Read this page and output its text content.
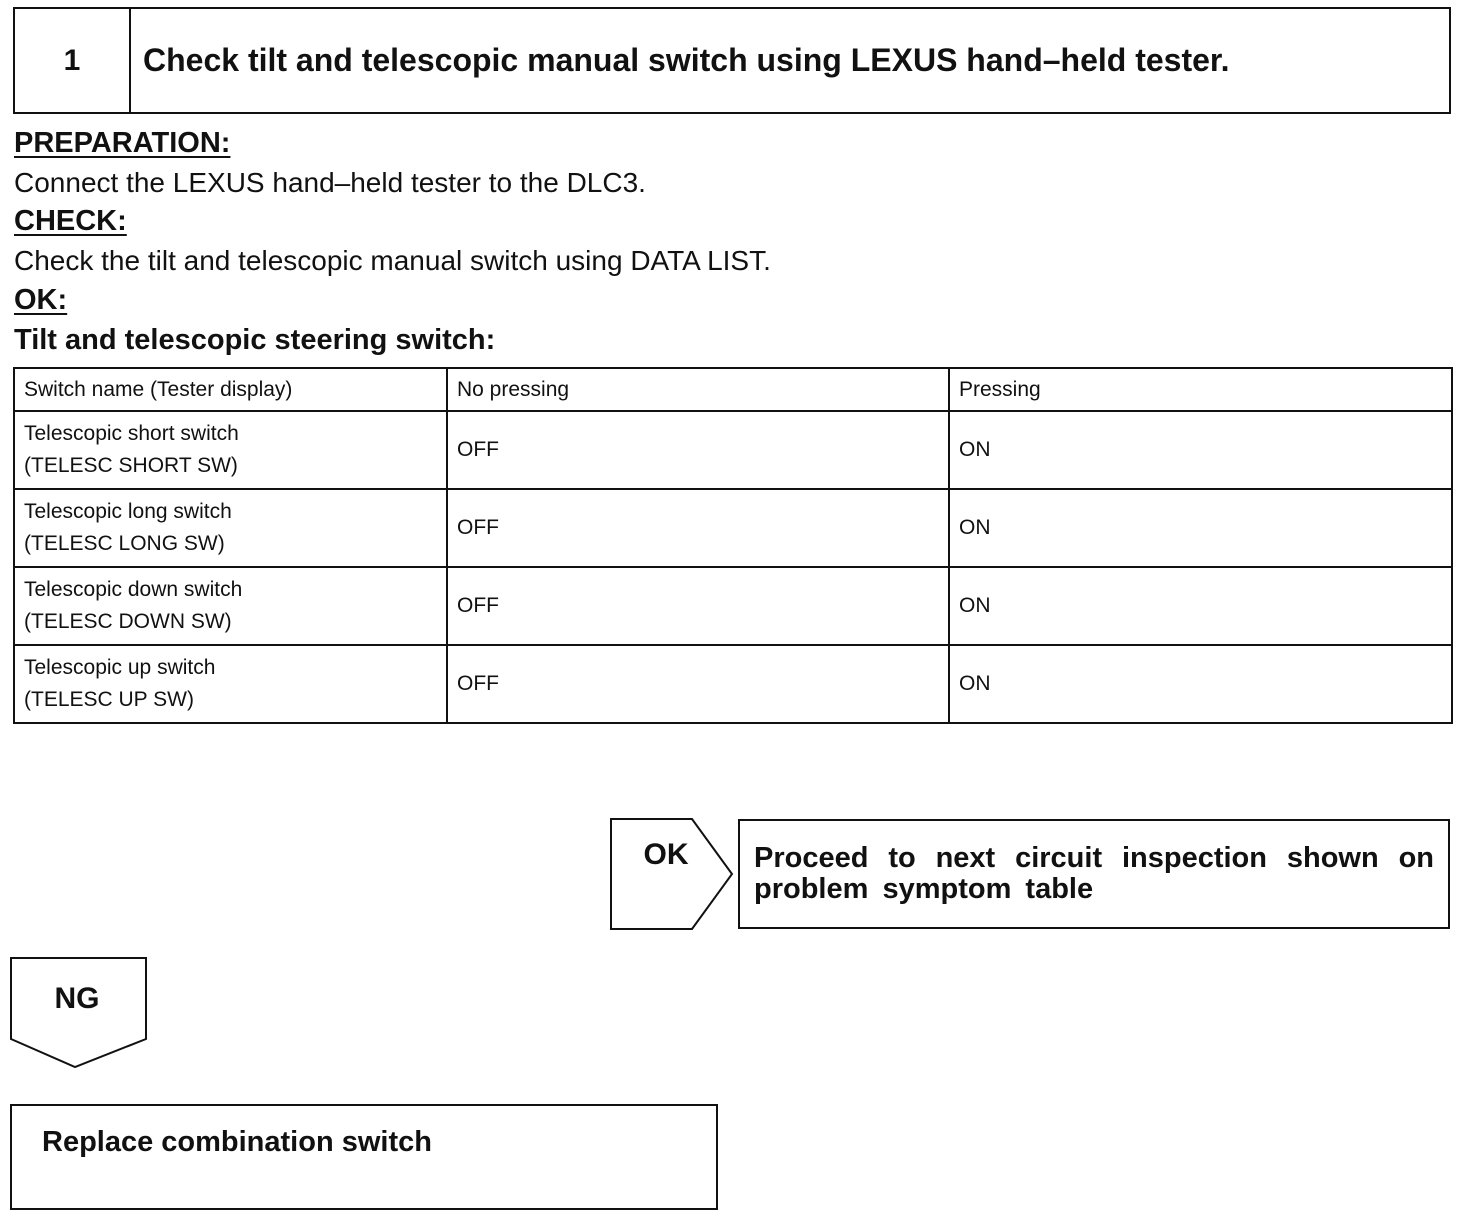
1	Check tilt and telescopic manual switch using LEXUS hand–held tester.
PREPARATION:
Connect the LEXUS hand–held tester to the DLC3.
CHECK:
Check the tilt and telescopic manual switch using DATA LIST.
OK:
Tilt and telescopic steering switch:
Switch name (Tester display)	No pressing	Pressing

Telescopic short switch
(TELESC SHORT SW)	OFF	ON

Telescopic long switch
(TELESC LONG SW)	OFF	ON

Telescopic down switch
(TELESC DOWN SW)	OFF	ON

Telescopic up switch
(TELESC UP SW)	OFF	ON
OK	Proceed to next circuit inspection shown on problem symptom table
NG
Replace combination switch
